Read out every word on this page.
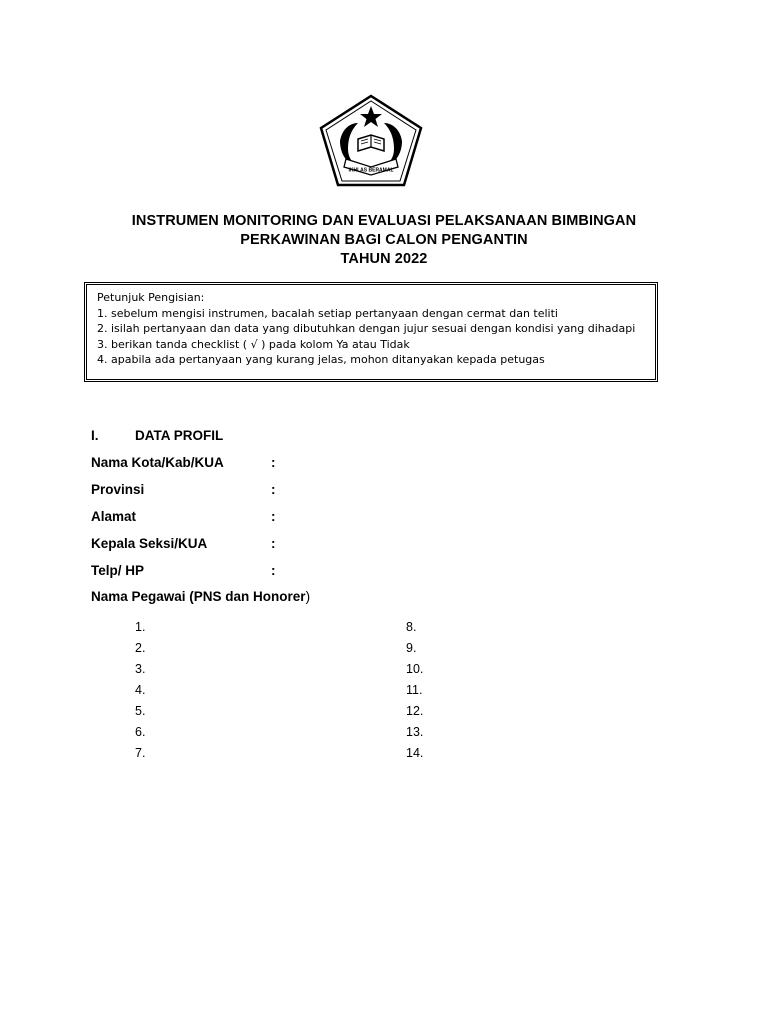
IKHLAS BERAMAL
INSTRUMEN MONITORING DAN EVALUASI PELAKSANAAN BIMBINGAN
PERKAWINAN BAGI CALON PENGANTIN
TAHUN 2022
Petunjuk Pengisian:
1. sebelum mengisi instrumen, bacalah setiap pertanyaan dengan cermat dan teliti
2. isilah pertanyaan dan data yang dibutuhkan dengan jujur sesuai dengan kondisi yang dihadapi
3. berikan tanda checklist ( √ ) pada kolom Ya atau Tidak
4. apabila ada pertanyaan yang kurang jelas, mohon ditanyakan kepada petugas
I.	DATA PROFIL
Nama Kota/Kab/KUA	:
Provinsi	:
Alamat	:
Kepala Seksi/KUA	:
Telp/ HP	:
Nama Pegawai (PNS dan Honorer)
1.
2.
3.
4.
5.
6.
7.
8.
9.
10.
11.
12.
13.
14.
